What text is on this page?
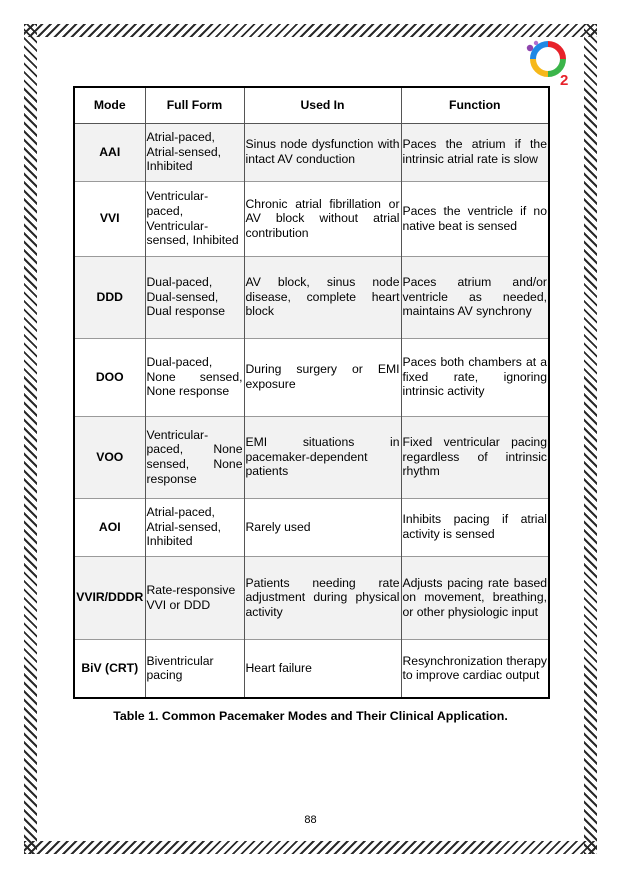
2
Mode	Full Form	Used In	Function
AAI	Atrial-paced, Atrial-sensed, Inhibited	Sinus node dysfunction with intact AV conduction	Paces the atrium if the intrinsic atrial rate is slow
VVI	Ventricular-paced, Ventricular-sensed, Inhibited	Chronic atrial fibrillation or AV block without atrial contribution	Paces the ventricle if no native beat is sensed
DDD	Dual-paced, Dual-sensed, Dual response	AV block, sinus node disease, complete heart block	Paces atrium and/or ventricle as needed, maintains AV synchrony
DOO	Dual-paced, None sensed, None response	During surgery or EMI exposure	Paces both chambers at a fixed rate, ignoring intrinsic activity
VOO	Ventricular-paced, None sensed, None response	EMI situations in pacemaker-dependent patients	Fixed ventricular pacing regardless of intrinsic rhythm
AOI	Atrial-paced, Atrial-sensed, Inhibited	Rarely used	Inhibits pacing if atrial activity is sensed
VVIR/DDDR	Rate-responsive VVI or DDD	Patients needing rate adjustment during physical activity	Adjusts pacing rate based on movement, breathing, or other physiologic input
BiV (CRT)	Biventricular pacing	Heart failure	Resynchronization therapy to improve cardiac output
Table 1. Common Pacemaker Modes and Their Clinical Application.
88
